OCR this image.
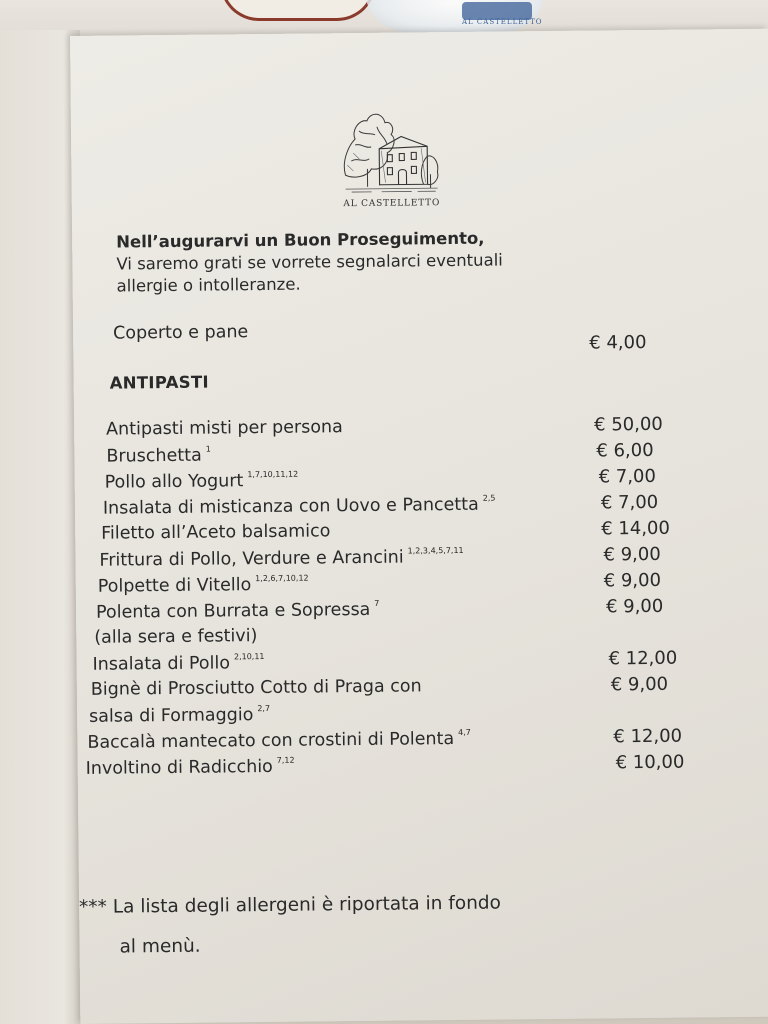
AL CASTELLETTO
AL CASTELLETTO
Nell’augurarvi un Buon Proseguimento,
Vi saremo grati se vorrete segnalarci eventuali
allergie o intolleranze.
Coperto e pane	€ 4,00
ANTIPASTI
Antipasti misti per persona	€ 50,00
Bruschetta $^1$	€ 6,00
Pollo allo Yogurt $^{1,7,10,11,12}$	€ 7,00
Insalata di misticanza con Uovo e Pancetta $^{2,5}$	€ 7,00
Filetto all’Aceto balsamico	€ 14,00
Frittura di Pollo, Verdure e Arancini $^{1,2,3,4,5,7,11}$	€ 9,00
Polpette di Vitello $^{1,2,6,7,10,12}$	€ 9,00
Polenta con Burrata e Sopressa $^7$	€ 9,00
(alla sera e festivi)
Insalata di Pollo $^{2,10,11}$	€ 12,00
Bignè di Prosciutto Cotto di Praga con	€ 9,00
salsa di Formaggio $^{2,7}$
Baccalà mantecato con crostini di Polenta $^{4,7}$	€ 12,00
Involtino di Radicchio $^{7,12}$	€ 10,00
*** La lista degli allergeni è riportata in fondo
al menù.
